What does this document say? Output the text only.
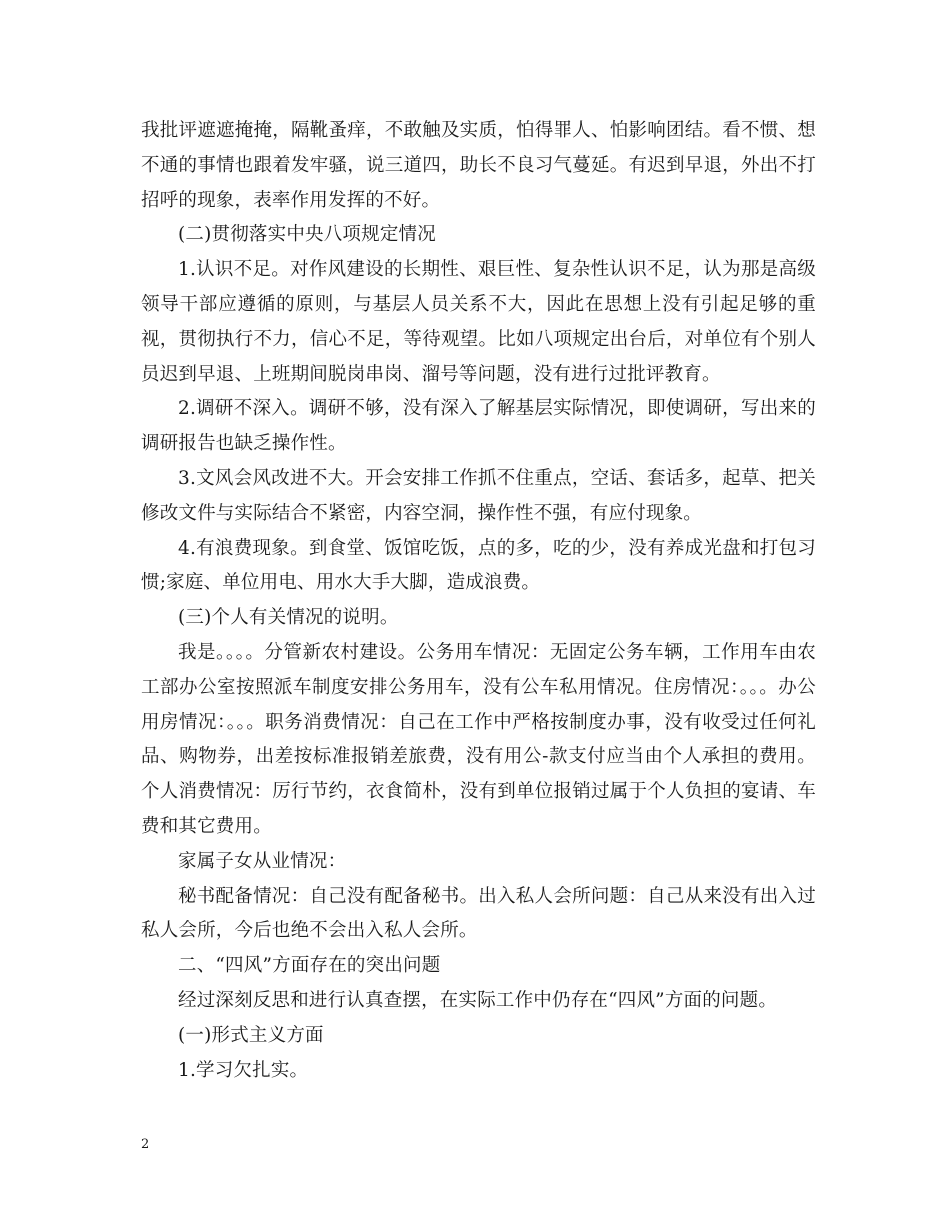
我批评遮遮掩掩，隔靴蚤痒，不敢触及实质，怕得罪人、怕影响团结。看不惯、想不通的事情也跟着发牢骚，说三道四，助长不良习气蔓延。有迟到早退，外出不打招呼的现象，表率作用发挥的不好。

(二)贯彻落实中央八项规定情况

1.认识不足。对作风建设的长期性、艰巨性、复杂性认识不足，认为那是高级领导干部应遵循的原则，与基层人员关系不大，因此在思想上没有引起足够的重视，贯彻执行不力，信心不足，等待观望。比如八项规定出台后，对单位有个别人员迟到早退、上班期间脱岗串岗、溜号等问题，没有进行过批评教育。

2.调研不深入。调研不够，没有深入了解基层实际情况，即使调研，写出来的调研报告也缺乏操作性。

3.文风会风改进不大。开会安排工作抓不住重点，空话、套话多，起草、把关修改文件与实际结合不紧密，内容空洞，操作性不强，有应付现象。

4.有浪费现象。到食堂、饭馆吃饭，点的多，吃的少，没有养成光盘和打包习惯;家庭、单位用电、用水大手大脚，造成浪费。

(三)个人有关情况的说明。

我是。。。。分管新农村建设。公务用车情况：无固定公务车辆，工作用车由农工部办公室按照派车制度安排公务用车，没有公车私用情况。住房情况：。。。办公用房情况：。。。职务消费情况：自己在工作中严格按制度办事，没有收受过任何礼品、购物券，出差按标准报销差旅费，没有用公-款支付应当由个人承担的费用。个人消费情况：厉行节约，衣食简朴，没有到单位报销过属于个人负担的宴请、车费和其它费用。

家属子女从业情况：

秘书配备情况：自己没有配备秘书。出入私人会所问题：自己从来没有出入过私人会所，今后也绝不会出入私人会所。

二、“四风”方面存在的突出问题

经过深刻反思和进行认真查摆，在实际工作中仍存在“四风”方面的问题。

(一)形式主义方面

1.学习欠扎实。

2
